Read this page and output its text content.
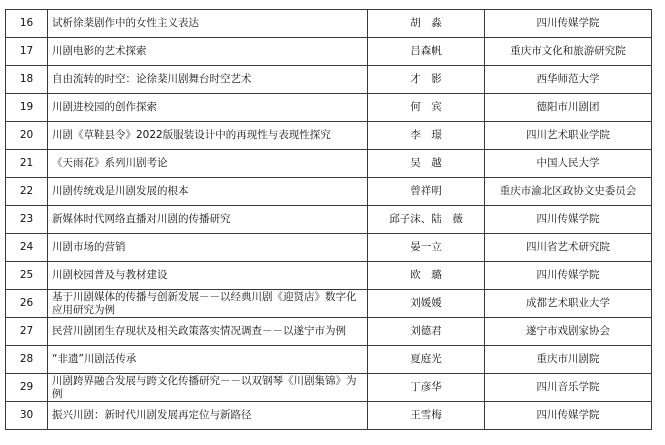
16	试析徐棻剧作中的女性主义表达	胡　淼	四川传媒学院
17	川剧电影的艺术探索	吕森帆	重庆市文化和旅游研究院
18	自由流转的时空：论徐棻川剧舞台时空艺术	才　影	西华师范大学
19	川剧进校园的创作探索	何　宾	德阳市川剧团
20	川剧《草鞋县令》2022版服装设计中的再现性与表现性探究	李　璟	四川艺术职业学院
21	《天雨花》系列川剧考论	吴　越	中国人民大学
22	川剧传统戏是川剧发展的根本	曾祥明	重庆市渝北区政协文史委员会
23	新媒体时代网络直播对川剧的传播研究	邱子沫、陆　薇	四川传媒学院
24	川剧市场的营销	晏一立	四川省艺术研究院
25	川剧校园普及与教材建设	欧　璐	四川传媒学院
26	基于川剧媒体的传播与创新发展－－以经典川剧《迎贤店》数字化应用研究为例	刘媛媛	成都艺术职业大学
27	民营川剧团生存现状及相关政策落实情况调查－－以遂宁市为例	刘德君	遂宁市戏剧家协会
28	“非遗”川剧活传承	夏庭光	重庆市川剧院
29	川剧跨界融合发展与跨文化传播研究－－以双钢琴《川剧集锦》为例	丁彦华	四川音乐学院
30	振兴川剧：新时代川剧发展再定位与新路径	王雪梅	四川传媒学院
